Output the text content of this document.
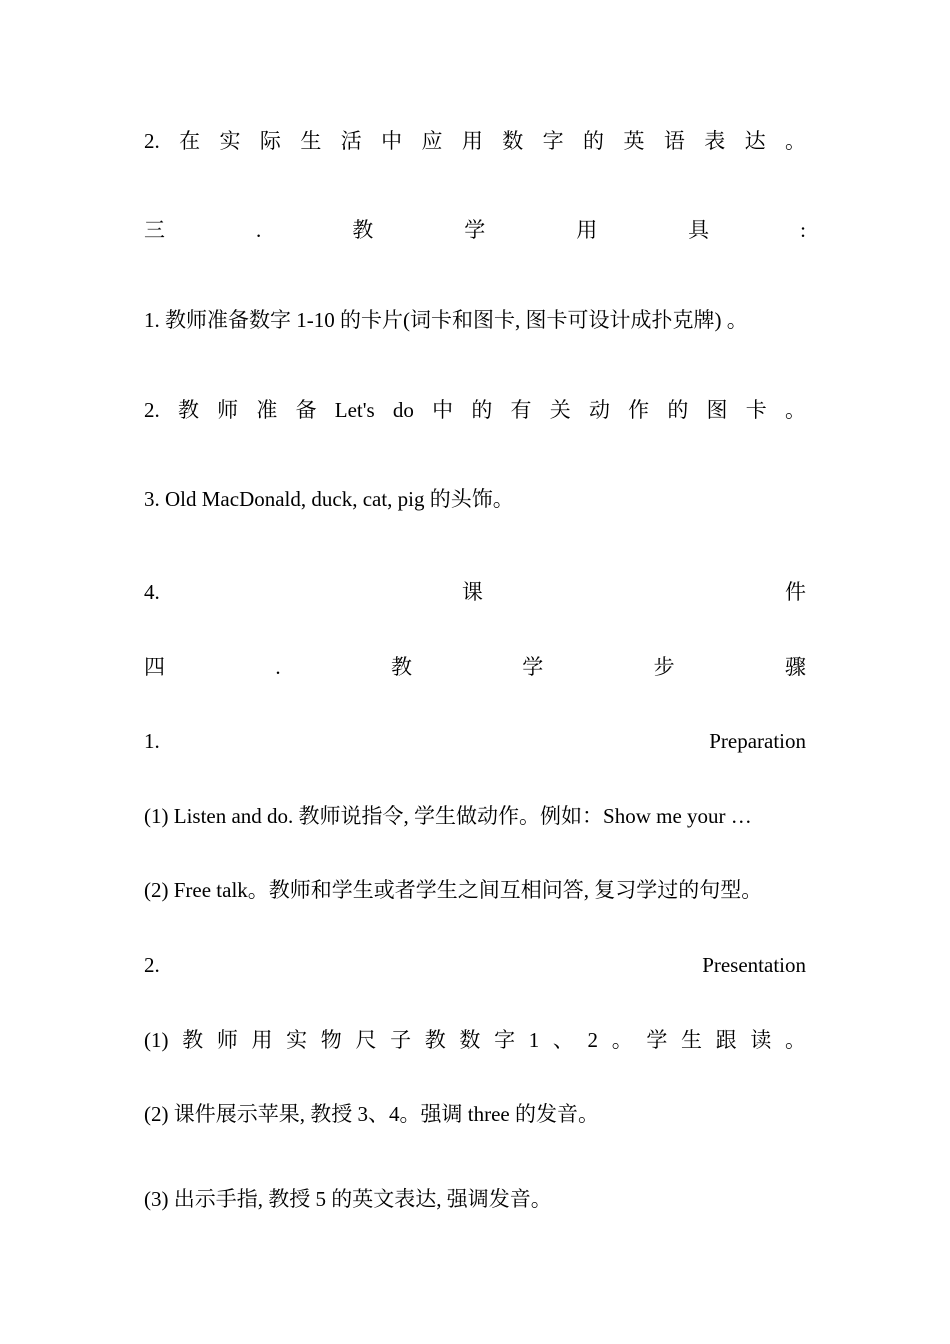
2. 在 实 际 生 活 中 应 用 数 字 的 英 语 表 达 。
三	.	教	学	用	具	:
1. 教师准备数字 1-10 的卡片(词卡和图卡, 图卡可设计成扑克牌) 。
2. 教 师 准 备 Let's do 中 的 有 关 动 作 的 图 卡 。
3. Old MacDonald, duck, cat, pig 的头饰。
4.	课	件
四	.	教	学	步	骤
1.	Preparation
(1) Listen and do. 教师说指令, 学生做动作。例如：Show me your …
(2) Free talk。教师和学生或者学生之间互相问答, 复习学过的句型。
2.	Presentation
(1) 教 师 用 实 物 尺 子 教 数 字 1 、 2 。 学 生 跟 读 。
(2) 课件展示苹果, 教授 3、4。强调 three 的发音。
(3) 出示手指, 教授 5 的英文表达, 强调发音。
